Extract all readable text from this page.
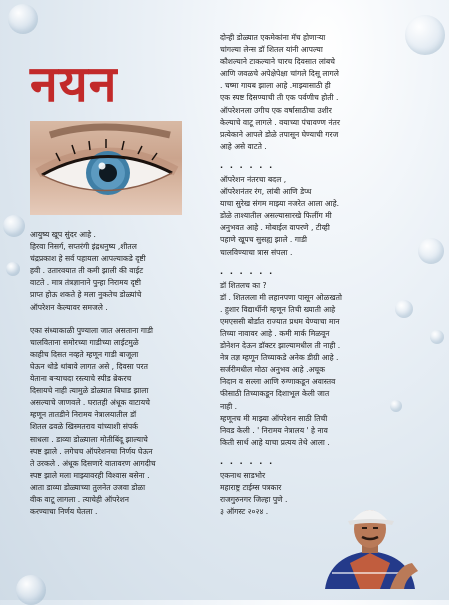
नयन

आयुष्य खूप सुंदर आहे .
हिरवा निसर्ग, सप्तरंगी इंद्रधनुष्य ,शीतल
चंद्रप्रकाश हे सर्व पहायला आपल्याकडे दृष्टी
हवी . उतारवयात ती कमी झाली की वाईट
वाटते . मात्र तंत्रज्ञानाने पुन्हा निरामय दृष्टी
प्राप्त होऊ शकते हे मला नुकतेच डोळ्यांचे
ऑपरेशन केल्यावर समजले .

एका संध्याकाळी पुण्याला जात असताना गाडी
चालविताना समोरच्या गाडीच्या लाईटमुळे
काहीच दिसत नव्हते म्हणून गाडी बाजूला
घेऊन थोडे थांबावे लागत असे , दिवसा परत
येताना बऱ्याचदा रस्त्याचे स्पीड ब्रेकरच
दिसायचे नाही त्यामुळे डोळ्यात बिघाड झाला
असल्याचे जाणवले . घरातही अंधूक वाटायचे
म्हणून तातडीने निरामय नेत्रालयातील डॉ
शितल ढवळे खिस्मतराव यांच्याशी संपर्क
साधला . डाव्या डोळ्याला मोतीबिंदू झाल्याचे
स्पष्ट झाले . लगेचच ऑपरेशनचा निर्णय घेऊन
ते उरकले . अंधूक दिसणारे वातावरण आगदीच
स्पष्ट झाले मला माझ्यावरही विश्वास बसेना .
आता डाव्या डोळ्याच्या तुलनेत उजवा डोळा
वीक वाटू लागला . त्याचेही ऑपरेशन
करण्याचा निर्णय घेतला .

दोन्ही डोळ्यात एकमेकांना मॅच होणाऱ्या
चांगल्या लेन्स डॉ शितल यांनी आपल्या
कौशल्याने टाकल्याने चारच दिवसात लांबचे
आणि जवळचे अपेक्षेपेक्षा चांगले दिसू लागले
. चष्मा गायब झाला आहे .माझ्यासाठी ही
एक स्पष्ट दिसण्याची ती एक पर्वणीच होती .
ऑपरेशनला उगीच एक वर्षासाठीचा उशीर
केल्याचे वाटू लागले . वयाच्या पंचावण्ण नंतर
प्रत्येकाने आपले डोळे तपासून घेण्याची गरज
आहे असे वाटते .

. . . . . .

ऑपरेशन नंतरचा बदल ,
ऑपरेशनंतर रंग, लांबी आणि डेप्थ
याचा सुरेख संगम माझ्या नजरेत आला आहे.
डोळे ताश्यातील असल्यासारखे फिलींग मी
अनुभवत आहे . मोबाईल वापरणे , टीव्ही
पहाणे खूपच सुसह्य झाले . गाडी
चालविण्याचा त्रास संपला .

. . . . . .

डॉ शितलच का ?
डॉ . शितलला मी लहानपणा पासून ओळखतो
. हुशार विद्यार्थीनी म्हणून तिची ख्याती आहे
एमएससी बोर्डात राज्यात प्रथम येण्याचा मान
तिच्या नावावर आहे . कमी मार्क मिळवून
डोनेशन देऊन डॉक्टर झाल्यामधील ती नाही .
नेत्र तज्ञ म्हणून तिच्याकडे अनेक डीग्री आहे .
सर्जरीमधील मोठा अनुभव आहे .अचूक
निदान व सल्ला आणि रुग्णाकडून अवास्तव
फीसाठी तिच्याकडून दिशाभूल केली जात
नाही .
म्हणूनच मी माझ्या ऑपरेशन साठी तिची
निवड केली . ' निरामय नेत्रालय ' हे नाव
किती सार्थ आहे याचा प्रत्यय तेथे आला .

. . . . . .

एकनाथ साडभोर
महाराष्ट्र टाईम्स पत्रकार
राजगुरुनगर जिल्हा पुणे .
३ ऑगस्ट २०२४ .
